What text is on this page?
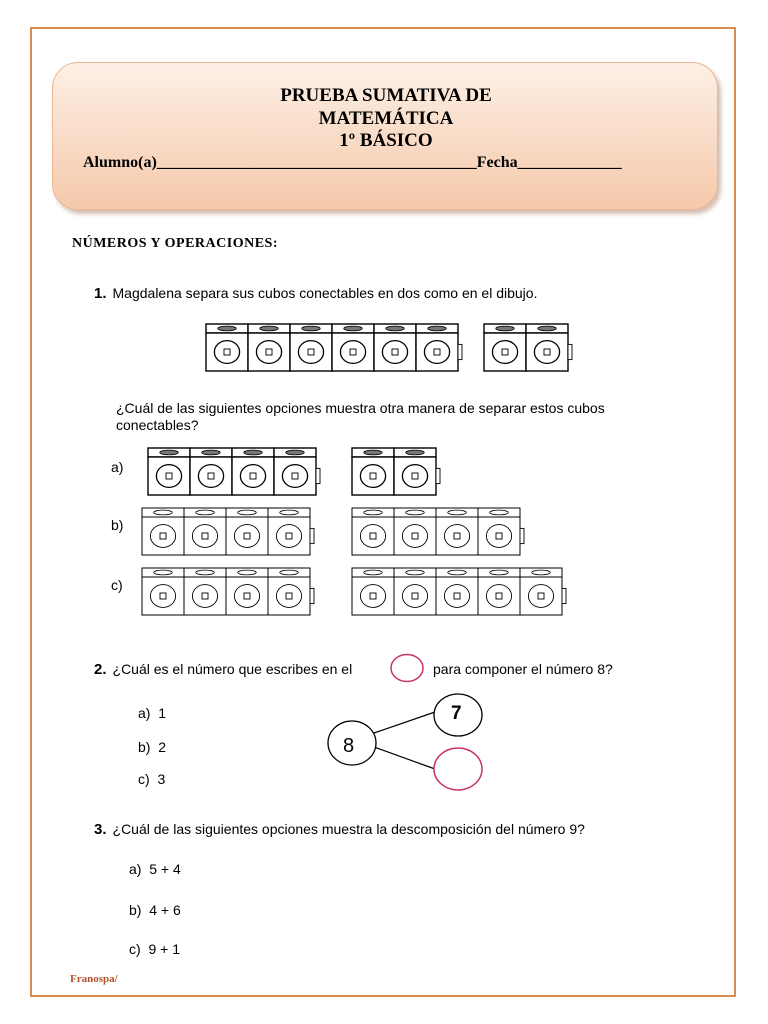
PRUEBA SUMATIVA DE
MATEMÁTICA
1º BÁSICO
Alumno(a)________________________________________Fecha_____________
NÚMEROS Y OPERACIONES:
1. Magdalena separa sus cubos conectables en dos como en el dibujo.
¿Cuál de las siguientes opciones muestra otra manera de separar estos cubos
conectables?
a)
b)
c)
2. ¿Cuál es el número que escribes en el	para componer el número 8?
8
7
a) 1
b) 2
c) 3
3. ¿Cuál de las siguientes opciones muestra la descomposición del número 9?
a) 5 + 4
b) 4 + 6
c) 9 + 1
Franospa/
